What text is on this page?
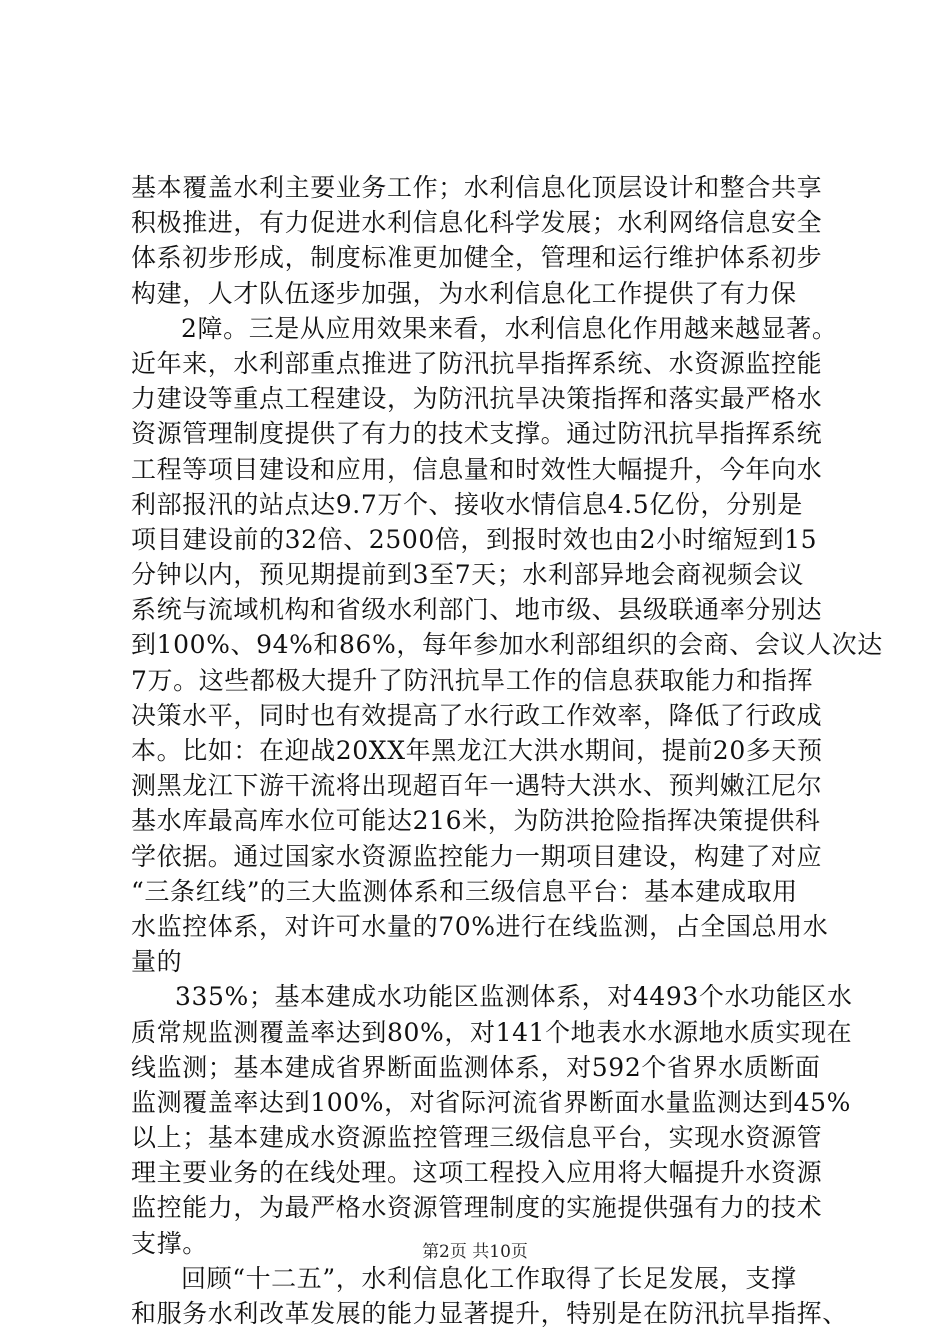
基本覆盖水利主要业务工作；水利信息化顶层设计和整合共享
积极推进，有力促进水利信息化科学发展；水利网络信息安全
体系初步形成，制度标准更加健全，管理和运行维护体系初步
构建，人才队伍逐步加强，为水利信息化工作提供了有力保
2障。三是从应用效果来看，水利信息化作用越来越显著。
近年来，水利部重点推进了防汛抗旱指挥系统、水资源监控能
力建设等重点工程建设，为防汛抗旱决策指挥和落实最严格水
资源管理制度提供了有力的技术支撑。通过防汛抗旱指挥系统
工程等项目建设和应用，信息量和时效性大幅提升，今年向水
利部报汛的站点达9.7万个、接收水情信息4.5亿份，分别是
项目建设前的32倍、2500倍，到报时效也由2小时缩短到15
分钟以内，预见期提前到3至7天；水利部异地会商视频会议
系统与流域机构和省级水利部门、地市级、县级联通率分别达
到100%、94%和86%，每年参加水利部组织的会商、会议人次达
7万。这些都极大提升了防汛抗旱工作的信息获取能力和指挥
决策水平，同时也有效提高了水行政工作效率，降低了行政成
本。比如：在迎战20XX年黑龙江大洪水期间，提前20多天预
测黑龙江下游干流将出现超百年一遇特大洪水、预判嫩江尼尔
基水库最高库水位可能达216米，为防洪抢险指挥决策提供科
学依据。通过国家水资源监控能力一期项目建设，构建了对应
“三条红线”的三大监测体系和三级信息平台：基本建成取用
水监控体系，对许可水量的70%进行在线监测，占全国总用水
量的
335%；基本建成水功能区监测体系，对4493个水功能区水
质常规监测覆盖率达到80%，对141个地表水水源地水质实现在
线监测；基本建成省界断面监测体系，对592个省界水质断面
监测覆盖率达到100%，对省际河流省界断面水量监测达到45%
以上；基本建成水资源监控管理三级信息平台，实现水资源管
理主要业务的在线处理。这项工程投入应用将大幅提升水资源
监控能力，为最严格水资源管理制度的实施提供强有力的技术
支撑。
回顾“十二五”，水利信息化工作取得了长足发展，支撑
和服务水利改革发展的能力显著提升，特别是在防汛抗旱指挥、
第2页 共10页
